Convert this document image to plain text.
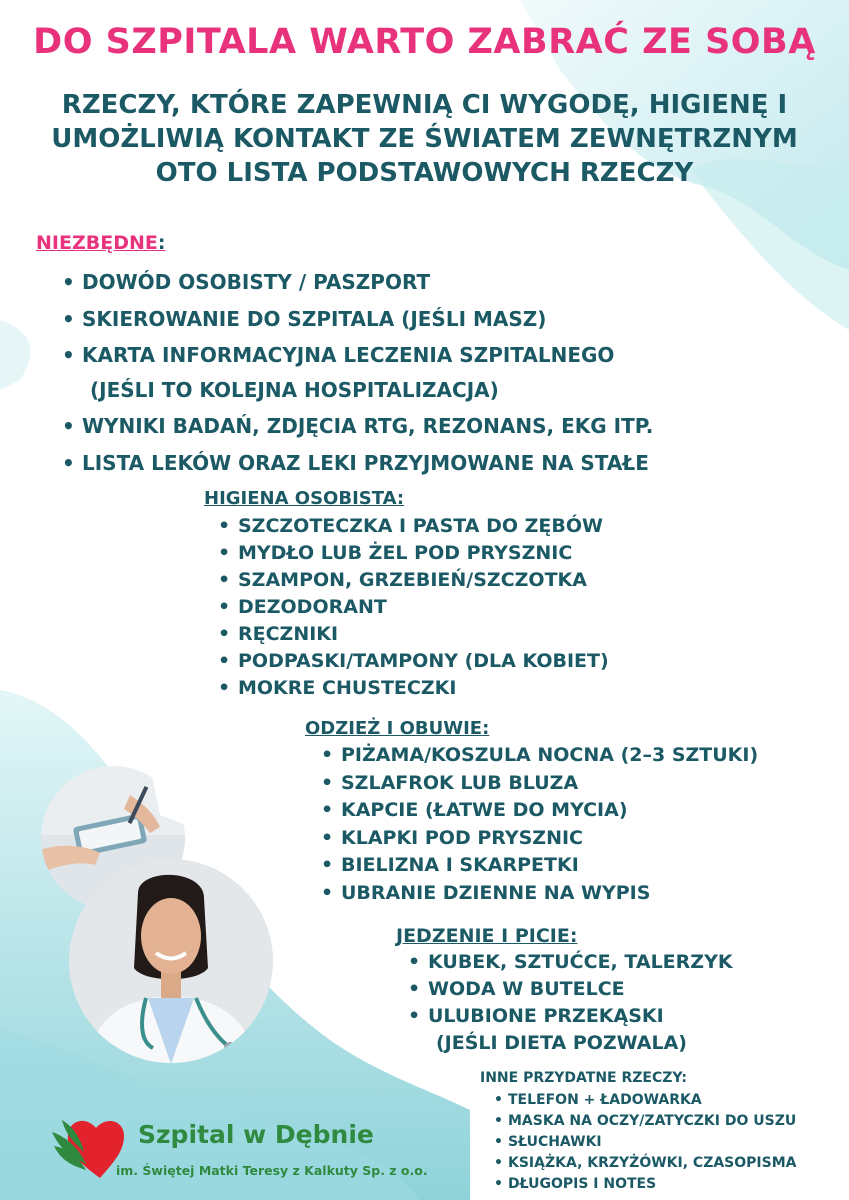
DO SZPITALA WARTO ZABRAĆ ZE SOBĄ
RZECZY, KTÓRE ZAPEWNIĄ CI WYGODĘ, HIGIENĘ I
UMOŻLIWIĄ KONTAKT ZE ŚWIATEM ZEWNĘTRZNYM
OTO LISTA PODSTAWOWYCH RZECZY
NIEZBĘDNE:
• DOWÓD OSOBISTY / PASZPORT
• SKIEROWANIE DO SZPITALA (JEŚLI MASZ)
• KARTA INFORMACYJNA LECZENIA SZPITALNEGO
(JEŚLI TO KOLEJNA HOSPITALIZACJA)
• WYNIKI BADAŃ, ZDJĘCIA RTG, REZONANS, EKG ITP.
• LISTA LEKÓW ORAZ LEKI PRZYJMOWANE NA STAŁE
HIGIENA OSOBISTA:
• SZCZOTECZKA I PASTA DO ZĘBÓW
• MYDŁO LUB ŻEL POD PRYSZNIC
• SZAMPON, GRZEBIEŃ/SZCZOTKA
• DEZODORANT
• RĘCZNIKI
• PODPASKI/TAMPONY (DLA KOBIET)
• MOKRE CHUSTECZKI
ODZIEŻ I OBUWIE:
• PIŻAMA/KOSZULA NOCNA (2–3 SZTUKI)
• SZLAFROK LUB BLUZA
• KAPCIE (ŁATWE DO MYCIA)
• KLAPKI POD PRYSZNIC
• BIELIZNA I SKARPETKI
• UBRANIE DZIENNE NA WYPIS
JEDZENIE I PICIE:
• KUBEK, SZTUĆCE, TALERZYK
• WODA W BUTELCE
• ULUBIONE PRZEKĄSKI
(JEŚLI DIETA POZWALA)
INNE PRZYDATNE RZECZY:
• TELEFON + ŁADOWARKA
• MASKA NA OCZY/ZATYCZKI DO USZU
• SŁUCHAWKI
• KSIĄŻKA, KRZYŻÓWKI, CZASOPISMA
• DŁUGOPIS I NOTES
Szpital w Dębnie
im. Świętej Matki Teresy z Kalkuty Sp. z o.o.
